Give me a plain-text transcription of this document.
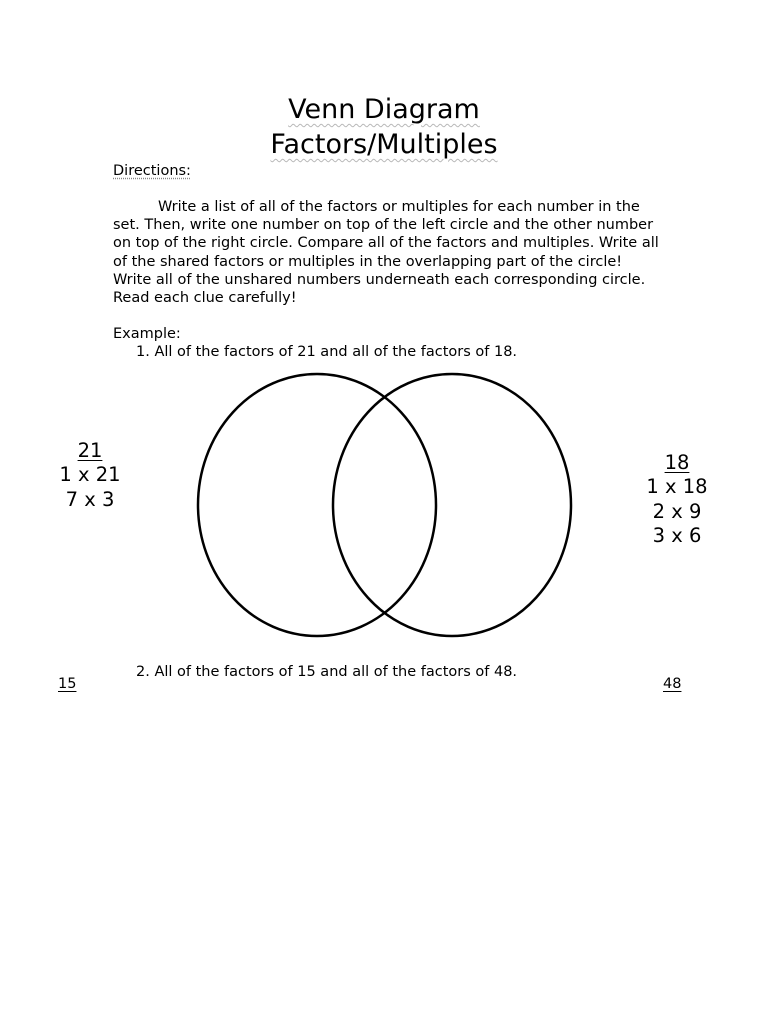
Venn Diagram
Factors/Multiples
Directions:

Write a list of all of the factors or multiples for each number in the set. Then, write one number on top of the left circle and the other number on top of the right circle. Compare all of the factors and multiples. Write all of the shared factors or multiples in the overlapping part of the circle! Write all of the unshared numbers underneath each corresponding circle. Read each clue carefully!

Example:
1. All of the factors of 21 and all of the factors of 18.
21
1 x 21
7 x 3
18
1 x 18
2 x 9
3 x 6
2. All of the factors of 15 and all of the factors of 48.
15	48
